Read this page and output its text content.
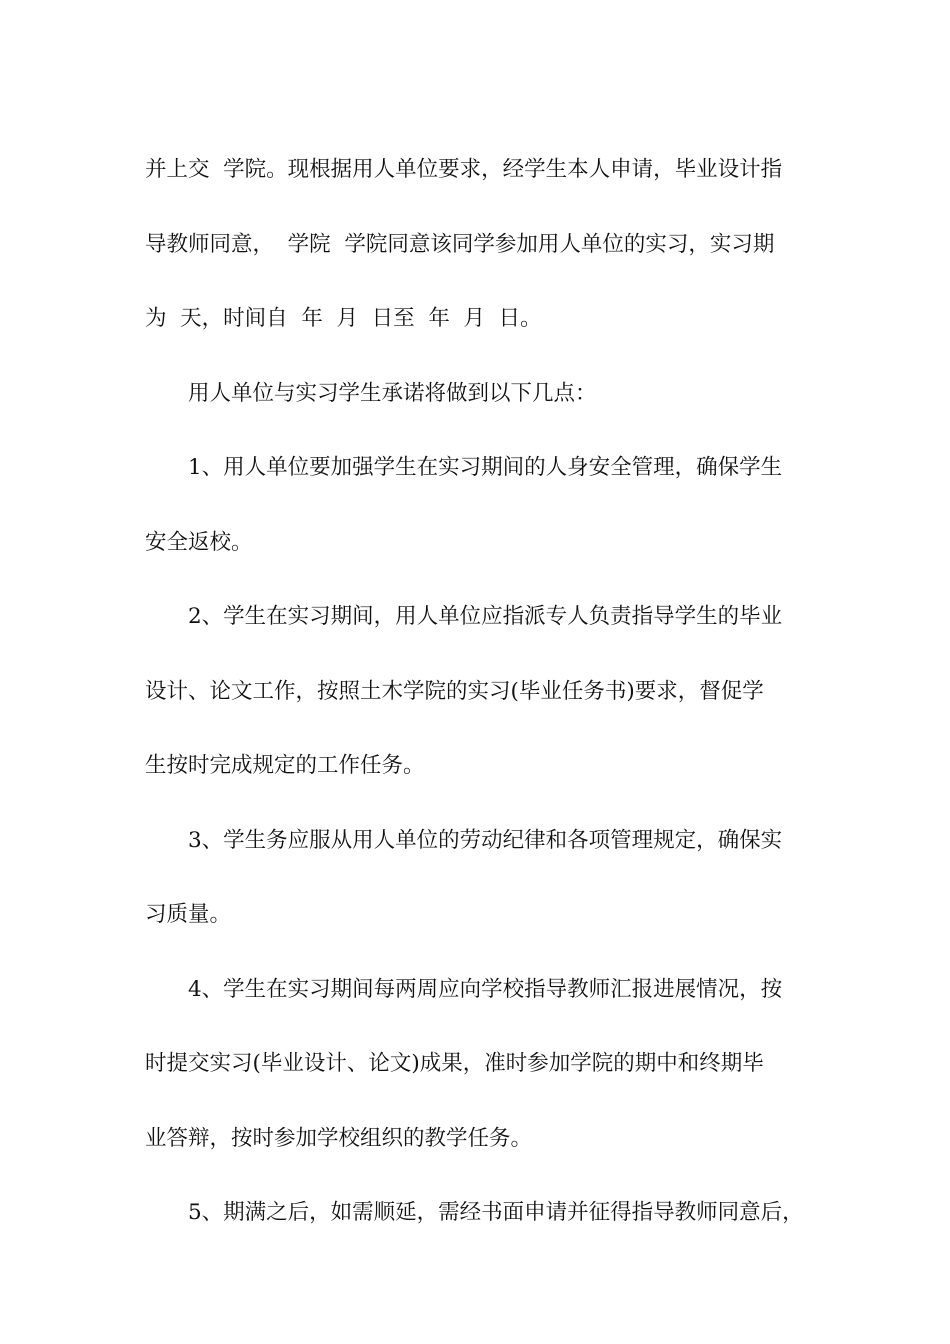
并上交  学院。现根据用人单位要求，经学生本人申请，毕业设计指
导教师同意，  学院  学院同意该同学参加用人单位的实习，实习期
为  天，时间自  年  月  日至  年  月  日。
用人单位与实习学生承诺将做到以下几点：
1、用人单位要加强学生在实习期间的人身安全管理，确保学生
安全返校。
2、学生在实习期间，用人单位应指派专人负责指导学生的毕业
设计、论文工作，按照土木学院的实习(毕业任务书)要求，督促学
生按时完成规定的工作任务。
3、学生务应服从用人单位的劳动纪律和各项管理规定，确保实
习质量。
4、学生在实习期间每两周应向学校指导教师汇报进展情况，按
时提交实习(毕业设计、论文)成果，准时参加学院的期中和终期毕
业答辩，按时参加学校组织的教学任务。
5、期满之后，如需顺延，需经书面申请并征得指导教师同意后，
